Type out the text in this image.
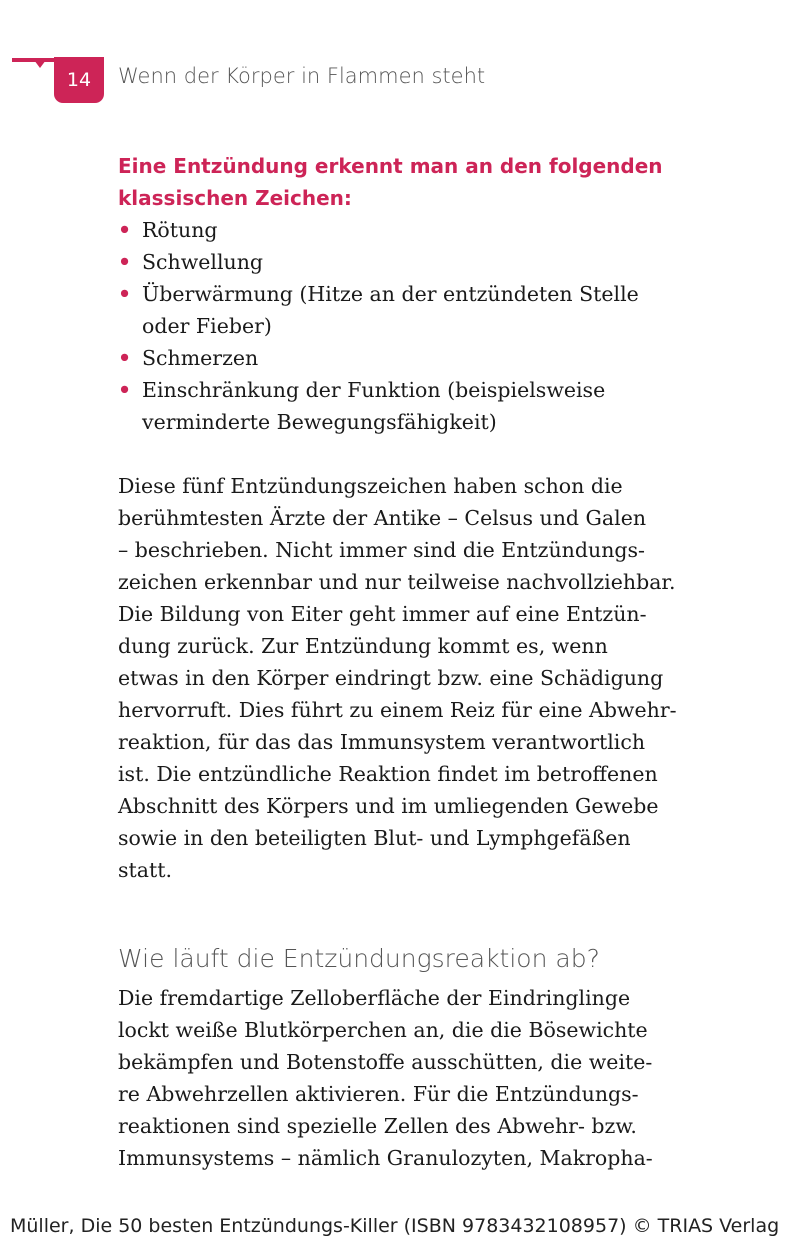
14	Wenn der Körper in Flammen steht

Eine Entzündung erkennt man an den folgenden
klassischen Zeichen:

• Rötung
• Schwellung
• Überwärmung (Hitze an der entzündeten Stelle
oder Fieber)
• Schmerzen
• Einschränkung der Funktion (beispielsweise
verminderte Bewegungsfähigkeit)

Diese fünf Entzündungszeichen haben schon die
berühmtesten Ärzte der Antike – Celsus und Galen
– beschrieben. Nicht immer sind die Entzündungs-
zeichen erkennbar und nur teilweise nachvollziehbar.
Die Bildung von Eiter geht immer auf eine Entzün-
dung zurück. Zur Entzündung kommt es, wenn
etwas in den Körper eindringt bzw. eine Schädigung
hervorruft. Dies führt zu einem Reiz für eine Abwehr-
reaktion, für das das Immunsystem verantwortlich
ist. Die entzündliche Reaktion findet im betroffenen
Abschnitt des Körpers und im umliegenden Gewebe
sowie in den beteiligten Blut- und Lymphgefäßen
statt.

Wie läuft die Entzündungsreaktion ab?

Die fremdartige Zelloberfläche der Eindringlinge
lockt weiße Blutkörperchen an, die die Bösewichte
bekämpfen und Botenstoffe ausschütten, die weite-
re Abwehrzellen aktivieren. Für die Entzündungs-
reaktionen sind spezielle Zellen des Abwehr- bzw.
Immunsystems – nämlich Granulozyten, Makropha-

Müller, Die 50 besten Entzündungs-Killer (ISBN 9783432108957) © TRIAS Verlag
